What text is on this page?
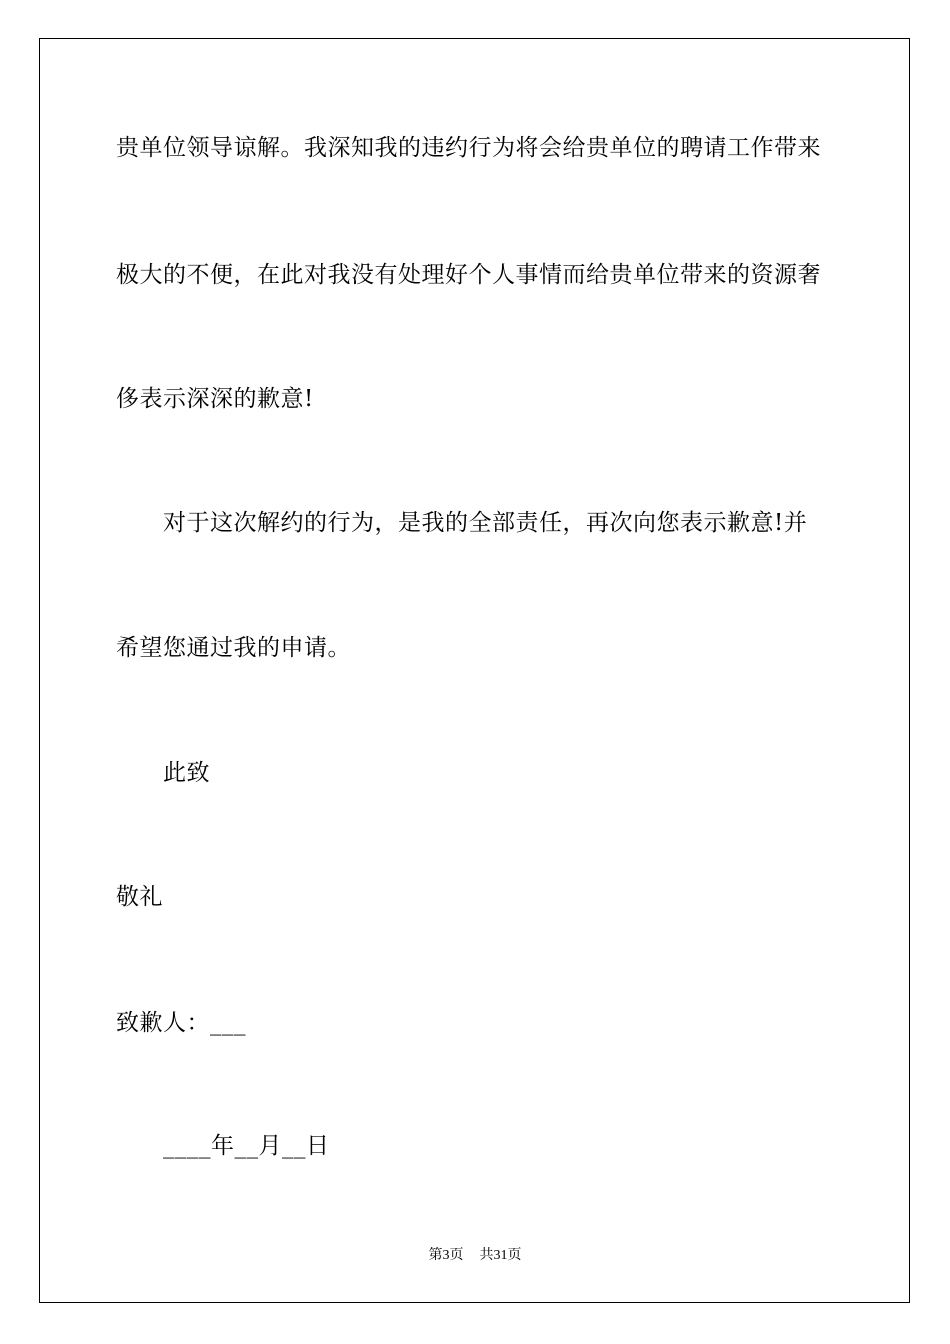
贵单位领导谅解。我深知我的违约行为将会给贵单位的聘请工作带来
极大的不便，在此对我没有处理好个人事情而给贵单位带来的资源奢
侈表示深深的歉意!
对于这次解约的行为，是我的全部责任，再次向您表示歉意!并
希望您通过我的申请。
此致
敬礼
致歉人：___
____年__月__日
第3页 共31页
